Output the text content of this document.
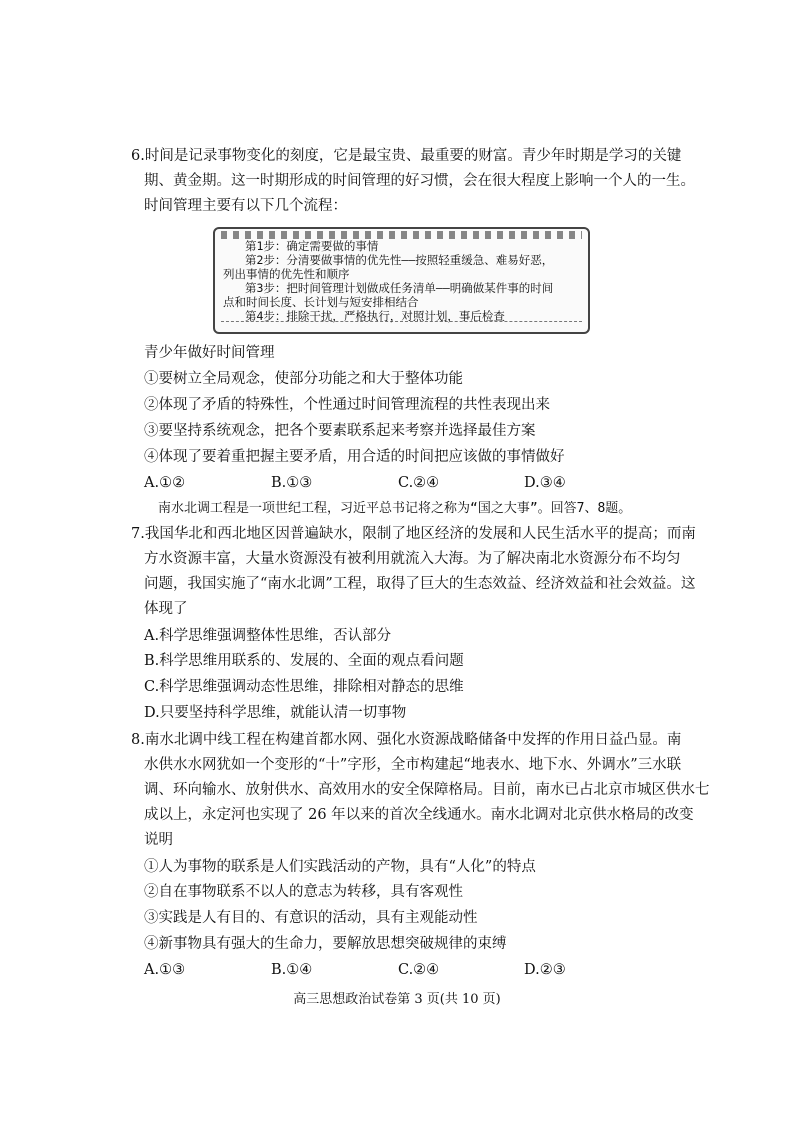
6.时间是记录事物变化的刻度，它是最宝贵、最重要的财富。青少年时期是学习的关键
期、黄金期。这一时期形成的时间管理的好习惯，会在很大程度上影响一个人的一生。
时间管理主要有以下几个流程：
第1步：确定需要做的事情
第2步：分清要做事情的优先性——按照轻重缓急、难易好恶，
列出事情的优先性和顺序
第3步：把时间管理计划做成任务清单——明确做某件事的时间
点和时间长度、长计划与短安排相结合
第4步：排除干扰，严格执行，对照计划，事后检查
青少年做好时间管理
①要树立全局观念，使部分功能之和大于整体功能
②体现了矛盾的特殊性，个性通过时间管理流程的共性表现出来
③要坚持系统观念，把各个要素联系起来考察并选择最佳方案
④体现了要着重把握主要矛盾，用合适的时间把应该做的事情做好
A.①②	B.①③	C.②④	D.③④
南水北调工程是一项世纪工程，习近平总书记将之称为“国之大事”。回答7、8题。
7.我国华北和西北地区因普遍缺水，限制了地区经济的发展和人民生活水平的提高；而南
方水资源丰富，大量水资源没有被利用就流入大海。为了解决南北水资源分布不均匀
问题，我国实施了“南水北调”工程，取得了巨大的生态效益、经济效益和社会效益。这
体现了
A.科学思维强调整体性思维，否认部分
B.科学思维用联系的、发展的、全面的观点看问题
C.科学思维强调动态性思维，排除相对静态的思维
D.只要坚持科学思维，就能认清一切事物
8.南水北调中线工程在构建首都水网、强化水资源战略储备中发挥的作用日益凸显。南
水供水水网犹如一个变形的“十”字形，全市构建起“地表水、地下水、外调水”三水联
调、环向输水、放射供水、高效用水的安全保障格局。目前，南水已占北京市城区供水七
成以上，永定河也实现了 26 年以来的首次全线通水。南水北调对北京供水格局的改变
说明
①人为事物的联系是人们实践活动的产物，具有“人化”的特点
②自在事物联系不以人的意志为转移，具有客观性
③实践是人有目的、有意识的活动，具有主观能动性
④新事物具有强大的生命力，要解放思想突破规律的束缚
A.①③	B.①④	C.②④	D.②③
高三思想政治试卷第 3 页(共 10 页)
